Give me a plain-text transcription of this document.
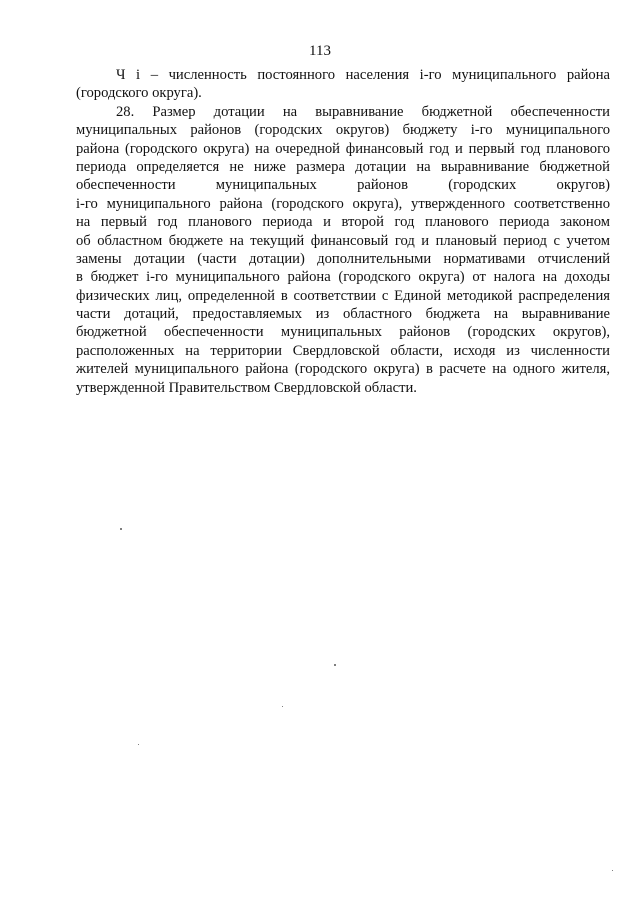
113
Ч i – численность постоянного населения i-го муниципального района
(городского округа).
28. Размер дотации на выравнивание бюджетной обеспеченности
муниципальных районов (городских округов) бюджету i-го муниципального
района (городского округа) на очередной финансовый год и первый год планового
периода определяется не ниже размера дотации на выравнивание бюджетной
обеспеченности муниципальных районов (городских округов)
i-го муниципального района (городского округа), утвержденного соответственно
на первый год планового периода и второй год планового периода законом
об областном бюджете на текущий финансовый год и плановый период с учетом
замены дотации (части дотации) дополнительными нормативами отчислений
в бюджет i-го муниципального района (городского округа) от налога на доходы
физических лиц, определенной в соответствии с Единой методикой распределения
части дотаций, предоставляемых из областного бюджета на выравнивание
бюджетной обеспеченности муниципальных районов (городских округов),
расположенных на территории Свердловской области, исходя из численности
жителей муниципального района (городского округа) в расчете на одного жителя,
утвержденной Правительством Свердловской области.
